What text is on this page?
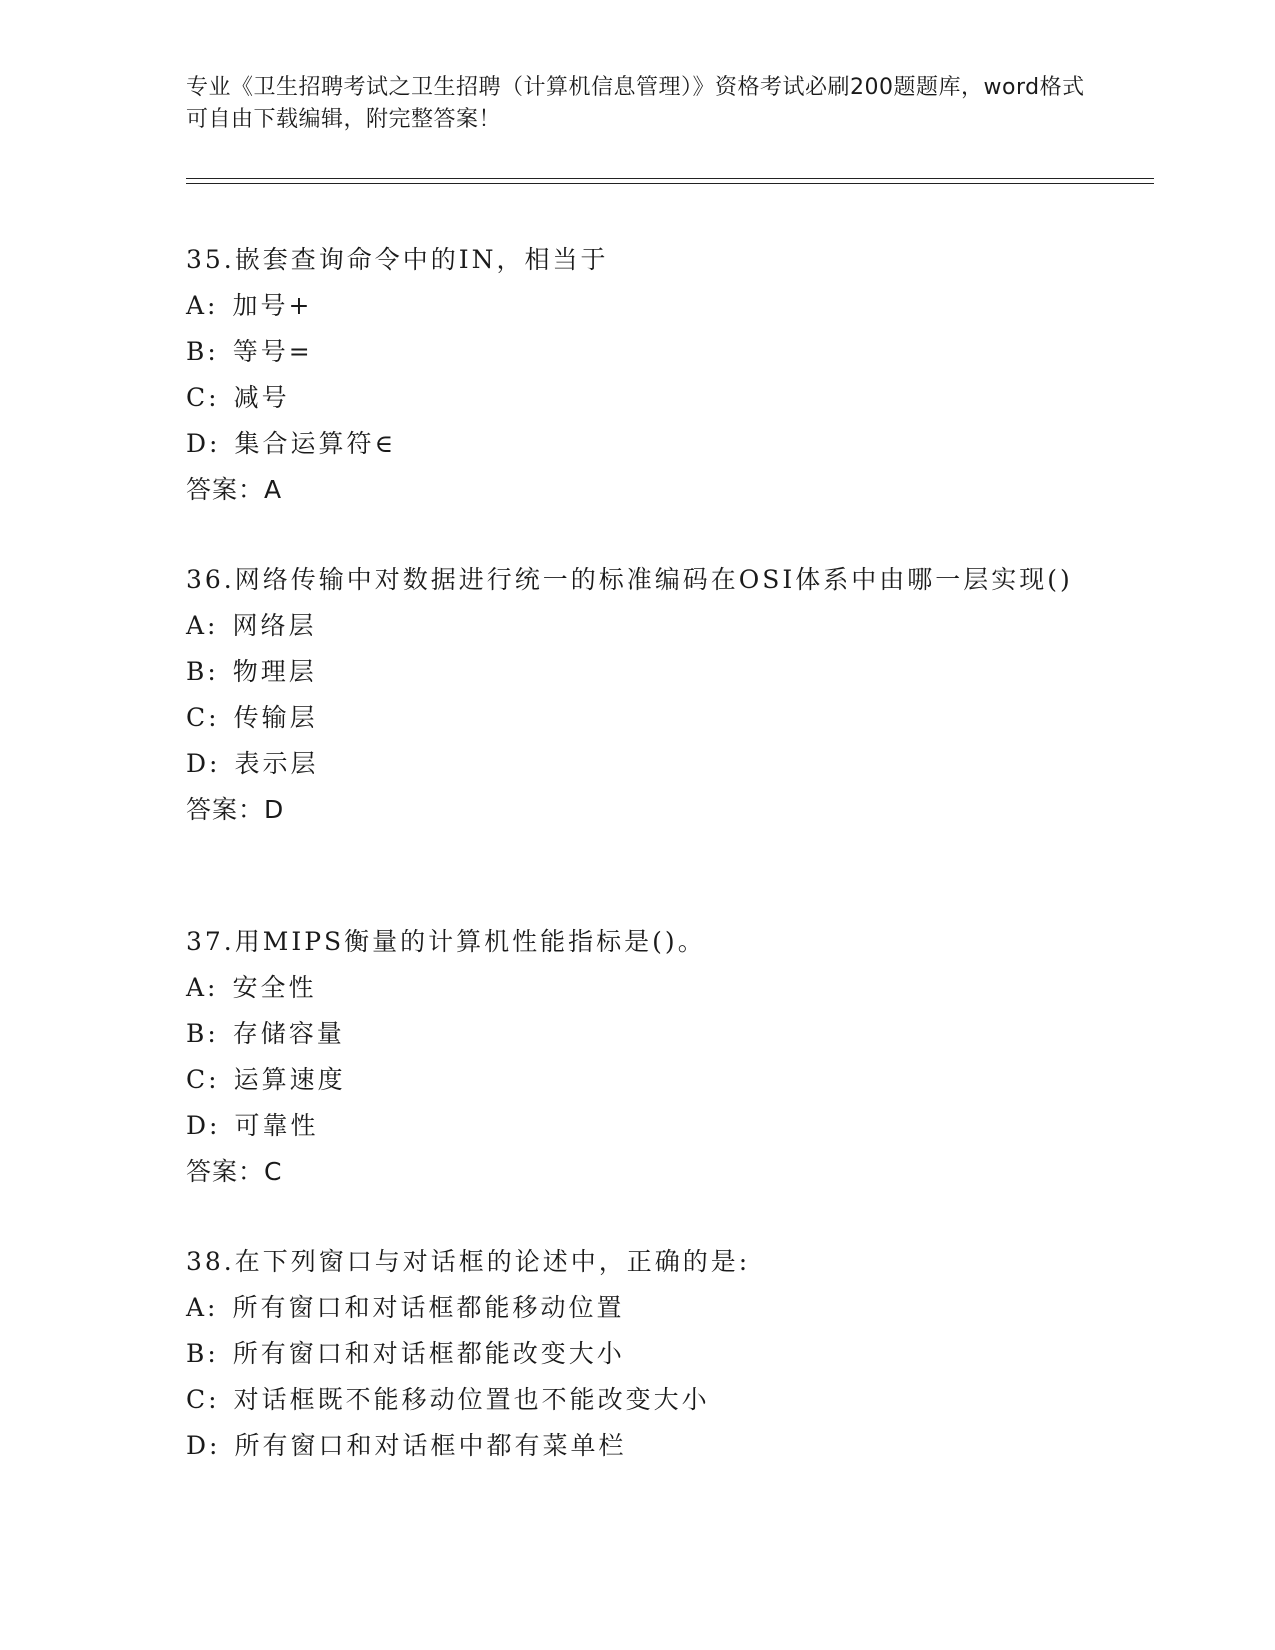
专业《卫生招聘考试之卫生招聘（计算机信息管理）》资格考试必刷200题题库，word格式可自由下载编辑，附完整答案！
35.嵌套查询命令中的IN，相当于
A: 加号+
B: 等号=
C: 减号
D: 集合运算符∈
答案：A
36.网络传输中对数据进行统一的标准编码在OSI体系中由哪一层实现()
A: 网络层
B: 物理层
C: 传输层
D: 表示层
答案：D
37.用MIPS衡量的计算机性能指标是()。
A: 安全性
B: 存储容量
C: 运算速度
D: 可靠性
答案：C
38.在下列窗口与对话框的论述中，正确的是:
A: 所有窗口和对话框都能移动位置
B: 所有窗口和对话框都能改变大小
C: 对话框既不能移动位置也不能改变大小
D: 所有窗口和对话框中都有菜单栏
